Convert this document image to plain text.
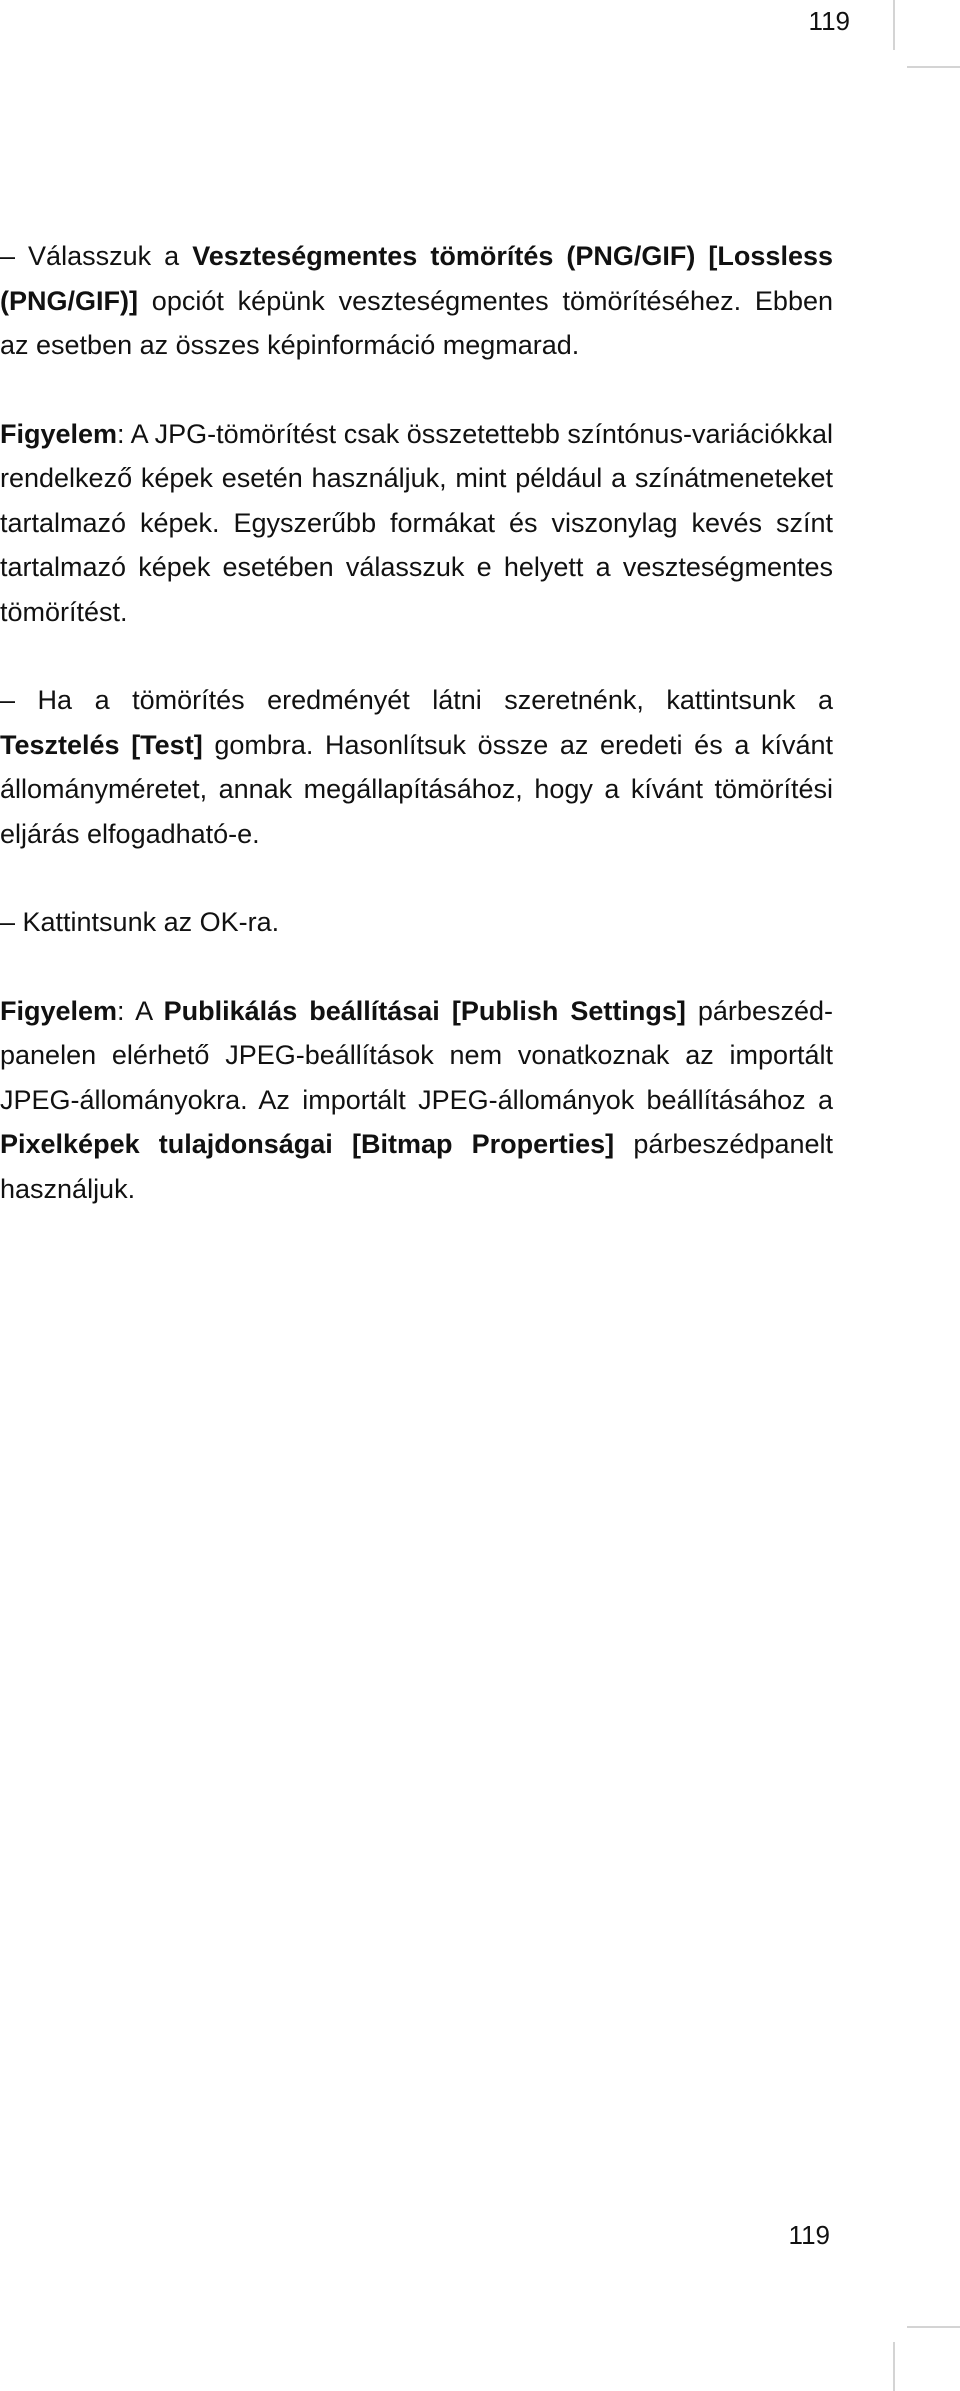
119

– Válasszuk a Veszteségmentes tömörítés (PNG/GIF) [Lossless (PNG/GIF)] opciót képünk veszteségmentes tömörítéséhez. Ebben az esetben az összes képinformáció megmarad.

Figyelem: A JPG-tömörítést csak összetettebb színtónus-variációkkal rendelkező képek esetén használjuk, mint például a színátmeneteket tartalmazó képek. Egyszerűbb formákat és viszonylag kevés színt tartalmazó képek esetében válasszuk e helyett a veszteségmentes tömörítést.

– Ha a tömörítés eredményét látni szeretnénk, kattintsunk a Tesztelés [Test] gombra. Hasonlítsuk össze az eredeti és a kívánt állományméretet, annak megállapításához, hogy a kívánt tömörítési eljárás elfogadható-e.

– Kattintsunk az OK-ra.

Figyelem: A Publikálás beállításai [Publish Settings] párbeszéd-panelen elérhető JPEG-beállítások nem vonatkoznak az importált JPEG-állományokra. Az importált JPEG-állományok beállításához a Pixelképek tulajdonságai [Bitmap Properties] párbeszédpanelt használjuk.

119
